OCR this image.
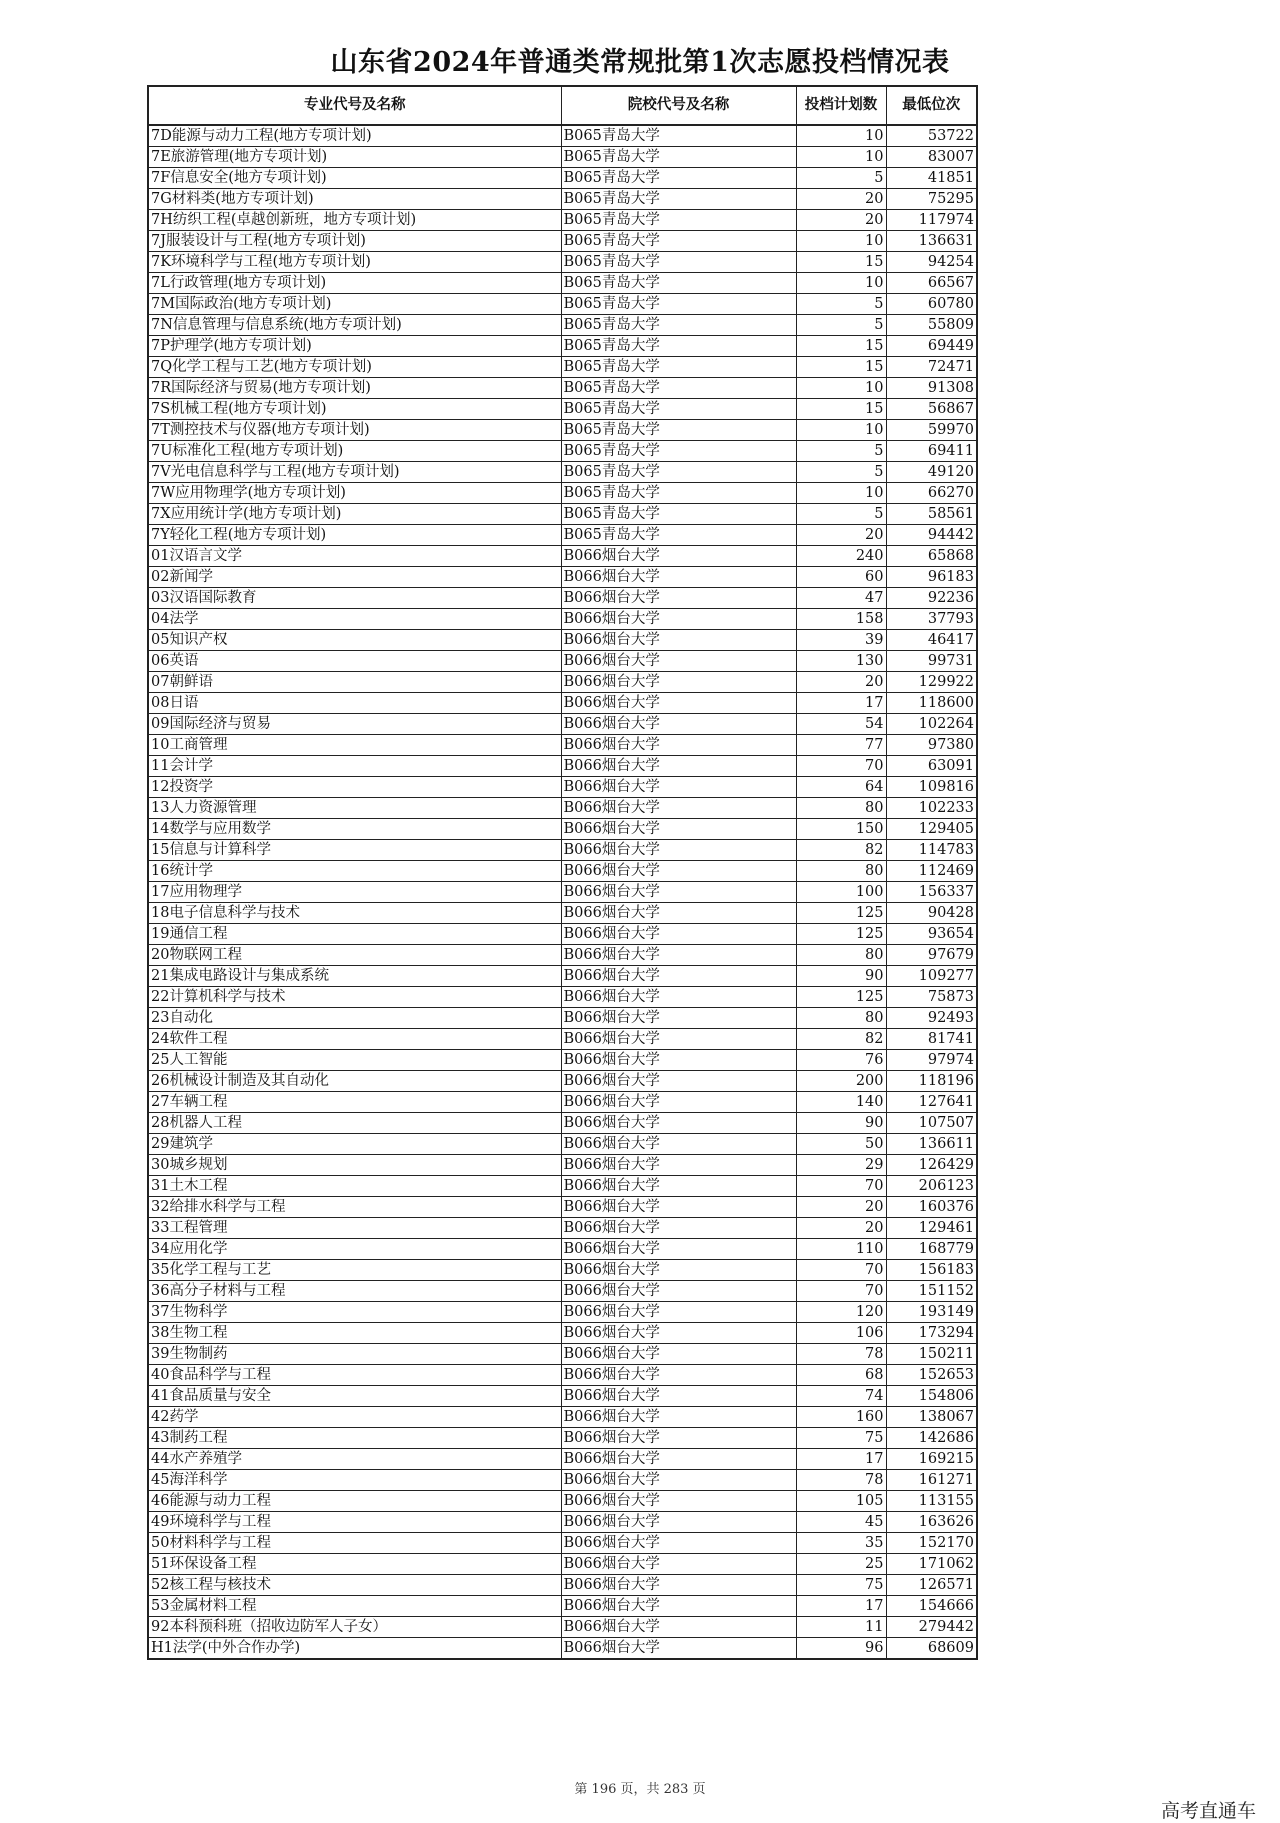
山东省2024年普通类常规批第1次志愿投档情况表
专业代号及名称	院校代号及名称	投档计划数	最低位次
7D能源与动力工程(地方专项计划)	B065青岛大学	10	53722
7E旅游管理(地方专项计划)	B065青岛大学	10	83007
7F信息安全(地方专项计划)	B065青岛大学	5	41851
7G材料类(地方专项计划)	B065青岛大学	20	75295
7H纺织工程(卓越创新班，地方专项计划)	B065青岛大学	20	117974
7J服装设计与工程(地方专项计划)	B065青岛大学	10	136631
7K环境科学与工程(地方专项计划)	B065青岛大学	15	94254
7L行政管理(地方专项计划)	B065青岛大学	10	66567
7M国际政治(地方专项计划)	B065青岛大学	5	60780
7N信息管理与信息系统(地方专项计划)	B065青岛大学	5	55809
7P护理学(地方专项计划)	B065青岛大学	15	69449
7Q化学工程与工艺(地方专项计划)	B065青岛大学	15	72471
7R国际经济与贸易(地方专项计划)	B065青岛大学	10	91308
7S机械工程(地方专项计划)	B065青岛大学	15	56867
7T测控技术与仪器(地方专项计划)	B065青岛大学	10	59970
7U标准化工程(地方专项计划)	B065青岛大学	5	69411
7V光电信息科学与工程(地方专项计划)	B065青岛大学	5	49120
7W应用物理学(地方专项计划)	B065青岛大学	10	66270
7X应用统计学(地方专项计划)	B065青岛大学	5	58561
7Y轻化工程(地方专项计划)	B065青岛大学	20	94442
01汉语言文学	B066烟台大学	240	65868
02新闻学	B066烟台大学	60	96183
03汉语国际教育	B066烟台大学	47	92236
04法学	B066烟台大学	158	37793
05知识产权	B066烟台大学	39	46417
06英语	B066烟台大学	130	99731
07朝鲜语	B066烟台大学	20	129922
08日语	B066烟台大学	17	118600
09国际经济与贸易	B066烟台大学	54	102264
10工商管理	B066烟台大学	77	97380
11会计学	B066烟台大学	70	63091
12投资学	B066烟台大学	64	109816
13人力资源管理	B066烟台大学	80	102233
14数学与应用数学	B066烟台大学	150	129405
15信息与计算科学	B066烟台大学	82	114783
16统计学	B066烟台大学	80	112469
17应用物理学	B066烟台大学	100	156337
18电子信息科学与技术	B066烟台大学	125	90428
19通信工程	B066烟台大学	125	93654
20物联网工程	B066烟台大学	80	97679
21集成电路设计与集成系统	B066烟台大学	90	109277
22计算机科学与技术	B066烟台大学	125	75873
23自动化	B066烟台大学	80	92493
24软件工程	B066烟台大学	82	81741
25人工智能	B066烟台大学	76	97974
26机械设计制造及其自动化	B066烟台大学	200	118196
27车辆工程	B066烟台大学	140	127641
28机器人工程	B066烟台大学	90	107507
29建筑学	B066烟台大学	50	136611
30城乡规划	B066烟台大学	29	126429
31土木工程	B066烟台大学	70	206123
32给排水科学与工程	B066烟台大学	20	160376
33工程管理	B066烟台大学	20	129461
34应用化学	B066烟台大学	110	168779
35化学工程与工艺	B066烟台大学	70	156183
36高分子材料与工程	B066烟台大学	70	151152
37生物科学	B066烟台大学	120	193149
38生物工程	B066烟台大学	106	173294
39生物制药	B066烟台大学	78	150211
40食品科学与工程	B066烟台大学	68	152653
41食品质量与安全	B066烟台大学	74	154806
42药学	B066烟台大学	160	138067
43制药工程	B066烟台大学	75	142686
44水产养殖学	B066烟台大学	17	169215
45海洋科学	B066烟台大学	78	161271
46能源与动力工程	B066烟台大学	105	113155
49环境科学与工程	B066烟台大学	45	163626
50材料科学与工程	B066烟台大学	35	152170
51环保设备工程	B066烟台大学	25	171062
52核工程与核技术	B066烟台大学	75	126571
53金属材料工程	B066烟台大学	17	154666
92本科预科班（招收边防军人子女）	B066烟台大学	11	279442
H1法学(中外合作办学)	B066烟台大学	96	68609
第 196 页，共 283 页
高考直通车
